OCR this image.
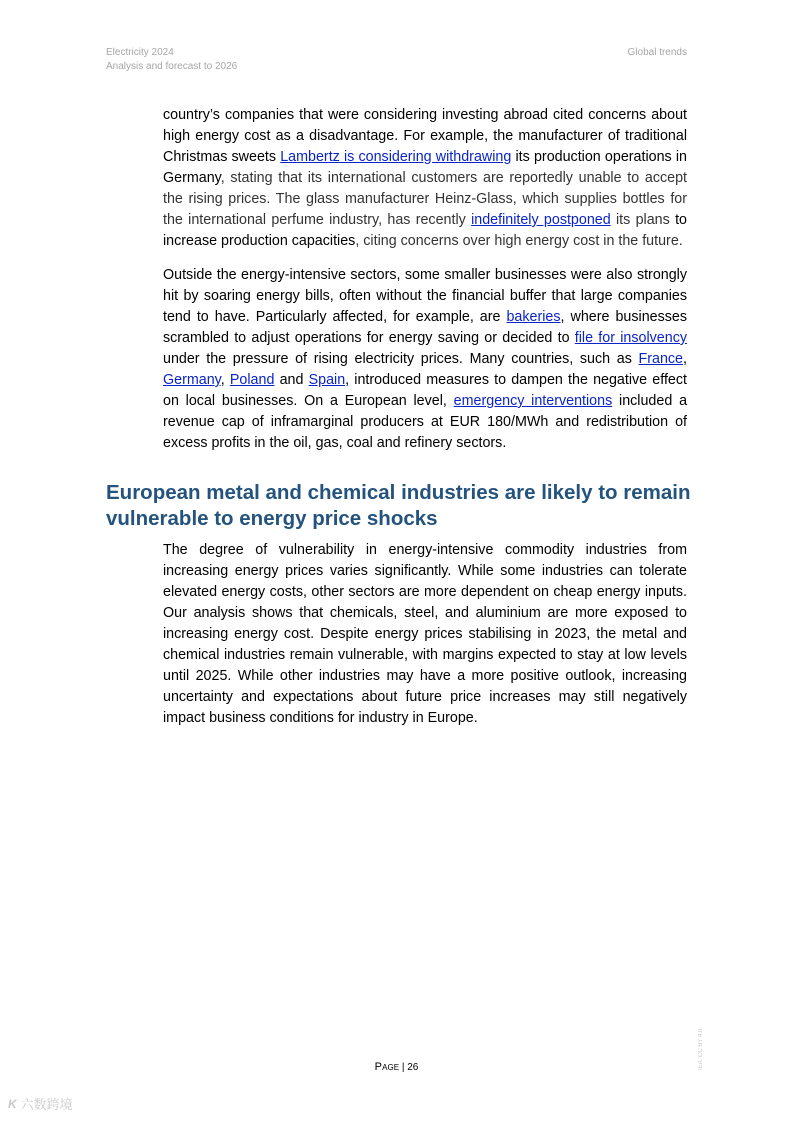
Electricity 2024
Analysis and forecast to 2026
Global trends
country’s companies that were considering investing abroad cited concerns about high energy cost as a disadvantage. For example, the manufacturer of traditional Christmas sweets Lambertz is considering withdrawing its production operations in Germany, stating that its international customers are reportedly unable to accept the rising prices. The glass manufacturer Heinz-Glass, which supplies bottles for the international perfume industry, has recently indefinitely postponed its plans to increase production capacities, citing concerns over high energy cost in the future.
Outside the energy-intensive sectors, some smaller businesses were also strongly hit by soaring energy bills, often without the financial buffer that large companies tend to have. Particularly affected, for example, are bakeries, where businesses scrambled to adjust operations for energy saving or decided to file for insolvency under the pressure of rising electricity prices. Many countries, such as France, Germany, Poland and Spain, introduced measures to dampen the negative effect on local businesses. On a European level, emergency interventions included a revenue cap of inframarginal producers at EUR 180/MWh and redistribution of excess profits in the oil, gas, coal and refinery sectors.
European metal and chemical industries are likely to remain vulnerable to energy price shocks
The degree of vulnerability in energy-intensive commodity industries from increasing energy prices varies significantly. While some industries can tolerate elevated energy costs, other sectors are more dependent on cheap energy inputs. Our analysis shows that chemicals, steel, and aluminium are more exposed to increasing energy cost. Despite energy prices stabilising in 2023, the metal and chemical industries remain vulnerable, with margins expected to stay at low levels until 2025. While other industries may have a more positive outlook, increasing uncertainty and expectations about future price increases may still negatively impact business conditions for industry in Europe.
PAGE | 26	IEA. CC BY 4.0.
K 六数跨境
